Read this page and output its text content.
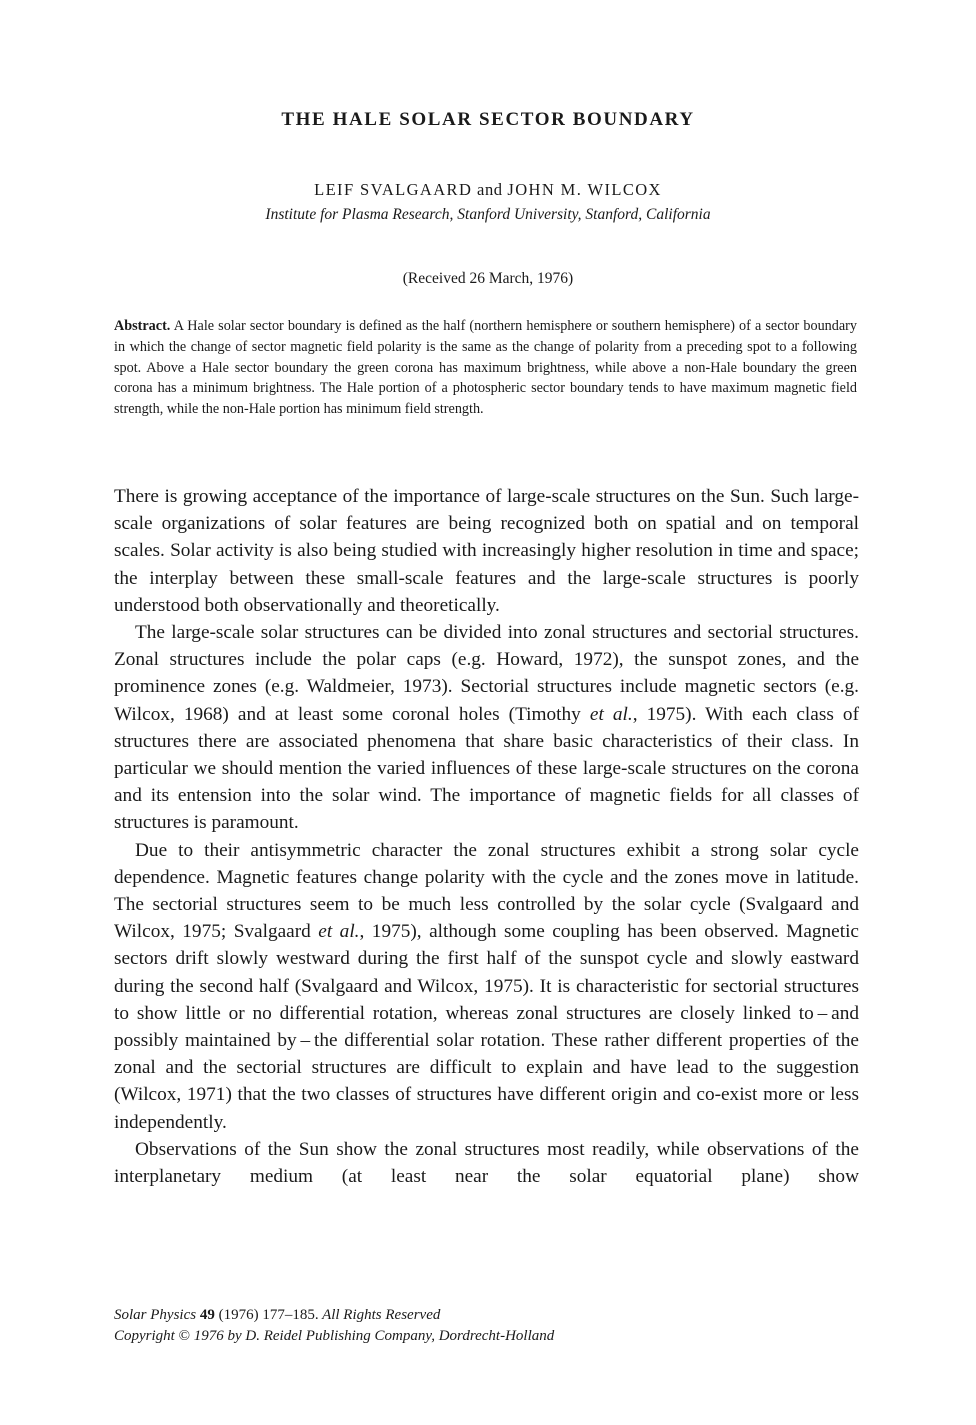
THE HALE SOLAR SECTOR BOUNDARY
LEIF SVALGAARD and JOHN M. WILCOX
Institute for Plasma Research, Stanford University, Stanford, California
(Received 26 March, 1976)
Abstract. A Hale solar sector boundary is defined as the half (northern hemisphere or southern hemisphere) of a sector boundary in which the change of sector magnetic field polarity is the same as the change of polarity from a preceding spot to a following spot. Above a Hale sector boundary the green corona has maximum brightness, while above a non-Hale boundary the green corona has a minimum brightness. The Hale portion of a photospheric sector boundary tends to have maximum magnetic field strength, while the non-Hale portion has minimum field strength.

There is growing acceptance of the importance of large-scale structures on the Sun. Such large-scale organizations of solar features are being recognized both on spatial and on temporal scales. Solar activity is also being studied with increasingly higher resolution in time and space; the interplay between these small-scale features and the large-scale structures is poorly understood both observationally and theoretically.

The large-scale solar structures can be divided into zonal structures and sectorial structures. Zonal structures include the polar caps (e.g. Howard, 1972), the sunspot zones, and the prominence zones (e.g. Waldmeier, 1973). Sectorial structures include magnetic sectors (e.g. Wilcox, 1968) and at least some coronal holes (Timothy et al., 1975). With each class of structures there are associated phenomena that share basic characteristics of their class. In particular we should mention the varied influences of these large-scale structures on the corona and its entension into the solar wind. The importance of magnetic fields for all classes of structures is paramount.

Due to their antisymmetric character the zonal structures exhibit a strong solar cycle dependence. Magnetic features change polarity with the cycle and the zones move in latitude. The sectorial structures seem to be much less controlled by the solar cycle (Svalgaard and Wilcox, 1975; Svalgaard et al., 1975), although some coupling has been observed. Magnetic sectors drift slowly westward during the first half of the sunspot cycle and slowly eastward during the second half (Svalgaard and Wilcox, 1975). It is characteristic for sectorial structures to show little or no differential rotation, whereas zonal structures are closely linked to – and possibly maintained by – the differential solar rotation. These rather different properties of the zonal and the sectorial structures are difficult to explain and have lead to the suggestion (Wilcox, 1971) that the two classes of structures have different origin and co-exist more or less independently.

Observations of the Sun show the zonal structures most readily, while observations of the interplanetary medium (at least near the solar equatorial plane) show

Solar Physics 49 (1976) 177–185. All Rights Reserved
Copyright © 1976 by D. Reidel Publishing Company, Dordrecht-Holland
